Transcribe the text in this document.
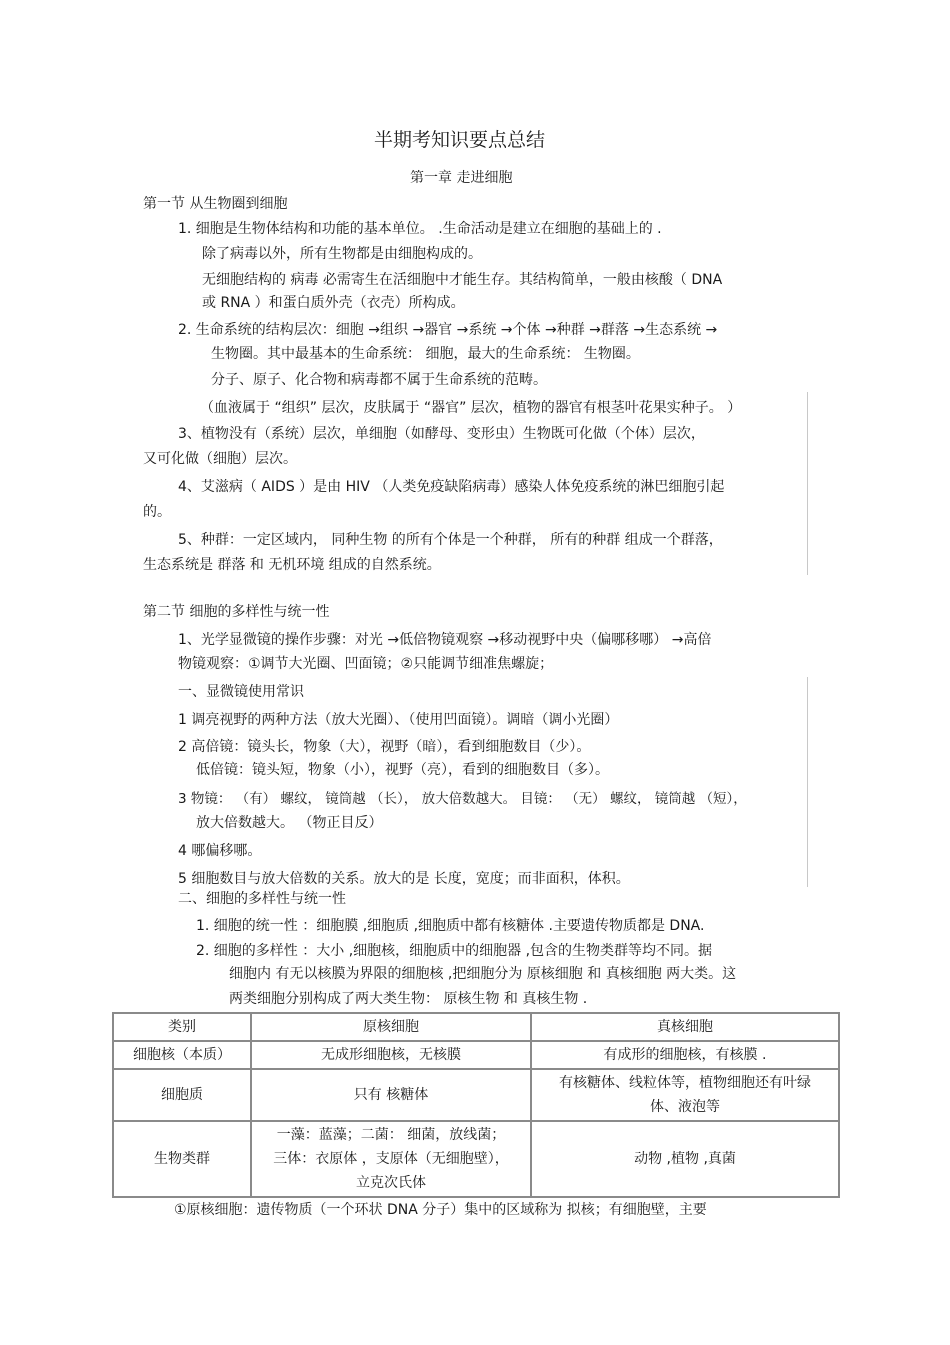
半期考知识要点总结
第一章 走进细胞
第一节 从生物圈到细胞
1. 细胞是生物体结构和功能的基本单位。 .生命活动是建立在细胞的基础上的 .
除了病毒以外，所有生物都是由细胞构成的。
无细胞结构的 病毒 必需寄生在活细胞中才能生存。其结构简单，一般由核酸（ DNA
或 RNA ）和蛋白质外壳（衣壳）所构成。
2. 生命系统的结构层次：细胞 →组织 →器官 →系统 →个体 →种群 →群落 →生态系统 →
生物圈。其中最基本的生命系统： 细胞，最大的生命系统： 生物圈。
分子、原子、化合物和病毒都不属于生命系统的范畴。
（血液属于 “组织” 层次，皮肤属于 “器官” 层次，植物的器官有根茎叶花果实种子。 ）
3、植物没有（系统）层次，单细胞（如酵母、变形虫）生物既可化做（个体）层次，
又可化做（细胞）层次。
4、艾滋病（ AIDS ）是由 HIV （人类免疫缺陷病毒）感染人体免疫系统的淋巴细胞引起
的。
5、种群：一定区域内， 同种生物 的所有个体是一个种群， 所有的种群 组成一个群落，
生态系统是 群落 和 无机环境 组成的自然系统。
第二节 细胞的多样性与统一性
1、光学显微镜的操作步骤：对光 →低倍物镜观察 →移动视野中央（偏哪移哪） →高倍
物镜观察：①调节大光圈、凹面镜；②只能调节细准焦螺旋；
一、显微镜使用常识
1 调亮视野的两种方法（放大光圈）、（使用凹面镜）。调暗（调小光圈）
2 高倍镜：镜头长，物象（大），视野（暗），看到细胞数目（少）。
低倍镜：镜头短，物象（小），视野（亮），看到的细胞数目（多）。
3 物镜： （有） 螺纹， 镜筒越 （长）， 放大倍数越大。 目镜： （无） 螺纹， 镜筒越 （短），
放大倍数越大。 （物正目反）
4 哪偏移哪。
5 细胞数目与放大倍数的关系。放大的是 长度，宽度；而非面积，体积。
二、细胞的多样性与统一性
1. 细胞的统一性 ：细胞膜 ,细胞质 ,细胞质中都有核糖体 .主要遗传物质都是 DNA.
2. 细胞的多样性 ：大小 ,细胞核，细胞质中的细胞器 ,包含的生物类群等均不同。据
细胞内 有无以核膜为界限的细胞核 ,把细胞分为 原核细胞 和 真核细胞 两大类。这
两类细胞分别构成了两大类生物： 原核生物 和 真核生物 .
类别	原核细胞	真核细胞
细胞核（本质）	无成形细胞核，无核膜	有成形的细胞核，有核膜 .
细胞质	只有 核糖体	有核糖体、线粒体等，植物细胞还有叶绿
体、液泡等
生物类群	一藻：蓝藻；二菌： 细菌，放线菌；
三体：衣原体 ，支原体（无细胞壁），
立克次氏体	动物 ,植物 ,真菌
①原核细胞：遗传物质（一个环状 DNA 分子）集中的区域称为 拟核；有细胞壁，主要
